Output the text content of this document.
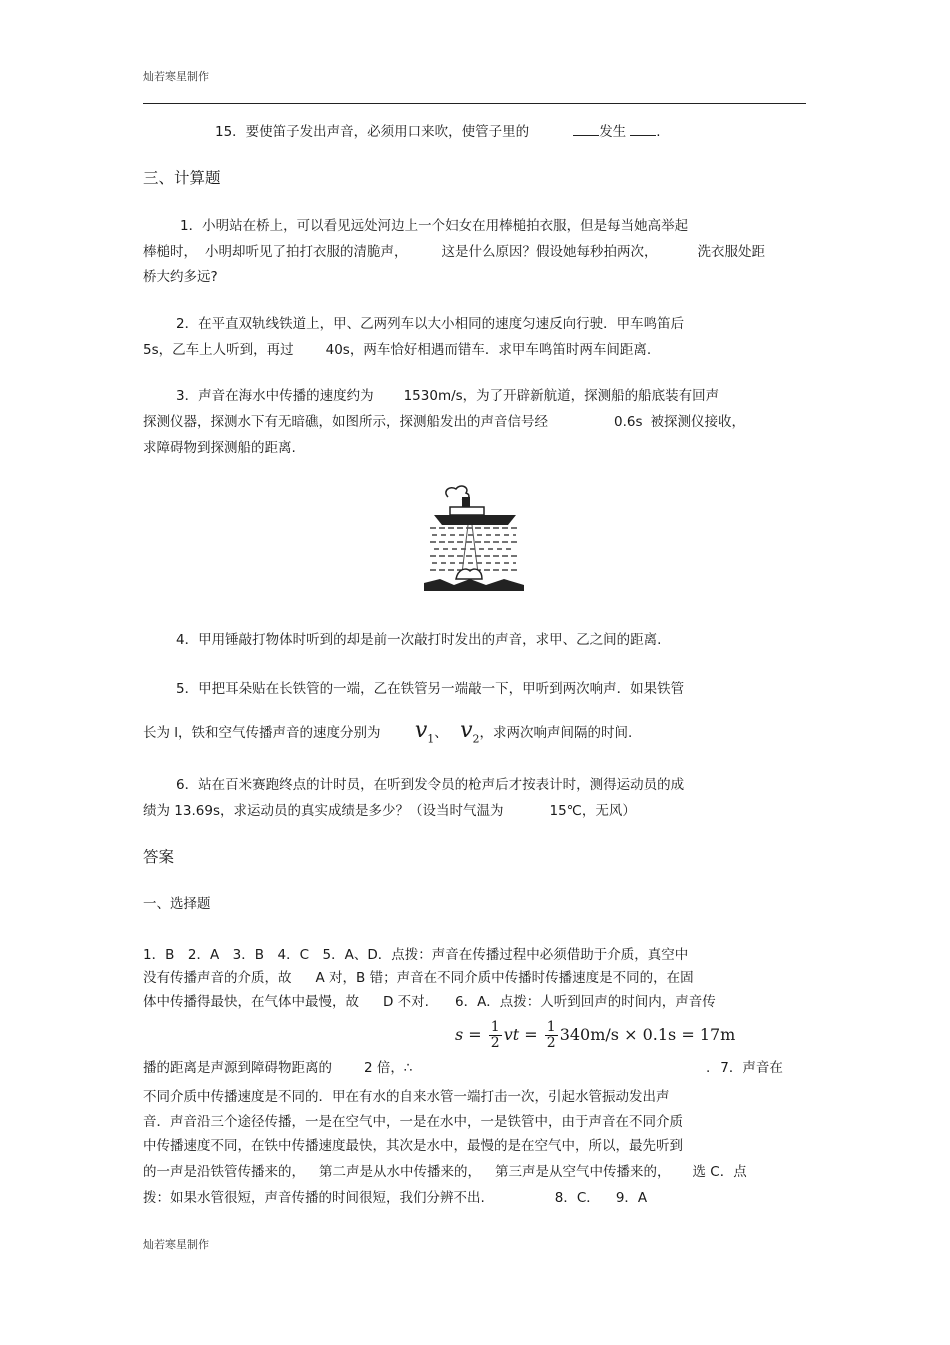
灿若寒星制作
15．要使笛子发出声音，必须用口来吹，使管子里的	发生 .
三、计算题
1．小明站在桥上，可以看见远处河边上一个妇女在用棒槌拍衣服，但是每当她高举起
棒槌时， 小明却听见了拍打衣服的清脆声，	这是什么原因？假设她每秒拍两次，	洗衣服处距
桥大约多远?
2．在平直双轨线铁道上，甲、乙两列车以大小相同的速度匀速反向行驶．甲车鸣笛后
5s，乙车上人听到，再过 40s，两车恰好相遇而错车．求甲车鸣笛时两车间距离.
3．声音在海水中传播的速度约为 1530m/s，为了开辟新航道，探测船的船底装有回声
探测仪器，探测水下有无暗礁，如图所示，探测船发出的声音信号经	0.6s 被探测仪接收，
求障碍物到探测船的距离.
4．甲用锤敲打物体时听到的却是前一次敲打时发出的声音，求甲、乙之间的距离.
5．甲把耳朵贴在长铁管的一端，乙在铁管另一端敲一下，甲听到两次响声．如果铁管
长为 l，铁和空气传播声音的速度分别为 $v_1$、 $v_2$，求两次响声间隔的时间.
6．站在百米赛跑终点的计时员，在听到发令员的枪声后才按表计时，测得运动员的成
绩为 13.69s，求运动员的真实成绩是多少？（设当时气温为	15℃，无风）
答案
一、选择题
1．B　2．A　3．B　4．C　5．A、D．点拨：声音在传播过程中必须借助于介质，真空中
没有传播声音的介质，故 A 对，B 错；声音在不同介质中传播时传播速度是不同的，在固
体中传播得最快，在气体中最慢，故 D 不对. 6．A．点拨：人听到回声的时间内，声音传
播的距离是声源到障碍物距离的 2 倍，∴
$s = \frac{1}{2}$ vt = $\frac{1}{2} 340m/s \times 0.1s = 17m$
. 7．声音在
不同介质中传播速度是不同的．甲在有水的自来水管一端打击一次，引起水管振动发出声
音．声音沿三个途径传播，一是在空气中，一是在水中，一是铁管中，由于声音在不同介质
中传播速度不同，在铁中传播速度最快，其次是水中，最慢的是在空气中，所以，最先听到
的一声是沿铁管传播来的， 第二声是从水中传播来的， 第三声是从空气中传播来的， 选 C．点
拨：如果水管很短，声音传播的时间很短，我们分辨不出.	8．C． 9．A
灿若寒星制作
